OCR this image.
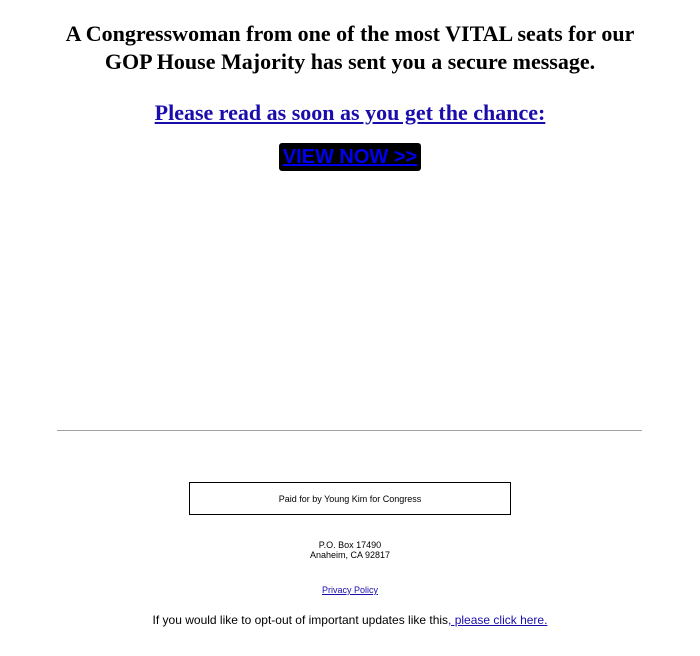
A Congresswoman from one of the most VITAL seats for our
GOP House Majority has sent you a secure message.
Please read as soon as you get the chance:
VIEW NOW >>
Paid for by Young Kim for Congress
P.O. Box 17490
Anaheim, CA 92817
Privacy Policy
If you would like to opt-out of important updates like this, please click here.
